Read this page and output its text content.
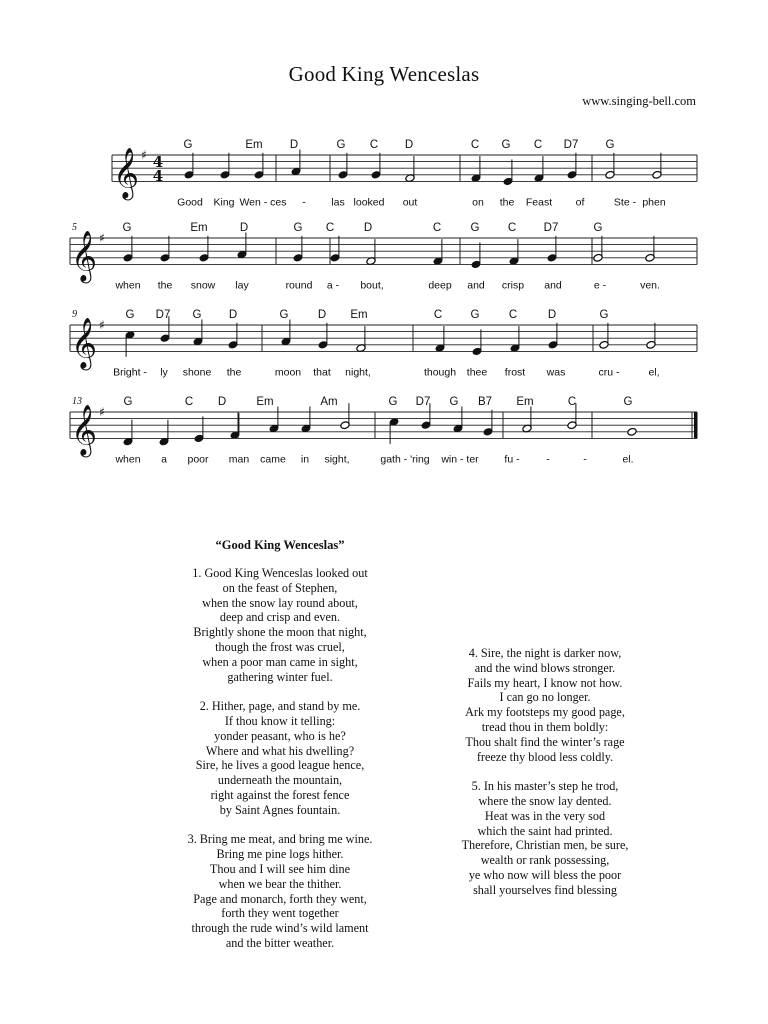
Good King Wenceslas
www.singing-bell.com
𝄞 ♯ 4
4
G	Em D	G C D	C G C D7 G
Good King Wen - ces - las looked out	on the Feast of	Ste - phen
𝄞 ♯
5	G	Em	D	G C	D	C	G C D7	G
when the snow lay	round a - bout,	deep and crisp and	e -	ven.
𝄞 ♯
9	G D7 G D	G	D Em	C G	C	D	G
Bright - ly shone the	moon that night,	though thee frost was	cru -	el,
𝄞 ♯
13	G	C D	Em	Am	G D7 G B7 Em	C	G
when a poor man came in sight,	gath - 'ring win - ter fu -	-	-	el.
“Good King Wenceslas”
1. Good King Wenceslas looked out
on the feast of Stephen,
when the snow lay round about,
deep and crisp and even.
Brightly shone the moon that night,
though the frost was cruel,
when a poor man came in sight,
gathering winter fuel.
2. Hither, page, and stand by me.
If thou know it telling:
yonder peasant, who is he?
Where and what his dwelling?
Sire, he lives a good league hence,
underneath the mountain,
right against the forest fence
by Saint Agnes fountain.
3. Bring me meat, and bring me wine.
Bring me pine logs hither.
Thou and I will see him dine
when we bear the thither.
Page and monarch, forth they went,
forth they went together
through the rude wind’s wild lament
and the bitter weather.
4. Sire, the night is darker now,
and the wind blows stronger.
Fails my heart, I know not how.
I can go no longer.
Ark my footsteps my good page,
tread thou in them boldly:
Thou shalt find the winter’s rage
freeze thy blood less coldly.
5. In his master’s step he trod,
where the snow lay dented.
Heat was in the very sod
which the saint had printed.
Therefore, Christian men, be sure,
wealth or rank possessing,
ye who now will bless the poor
shall yourselves find blessing
